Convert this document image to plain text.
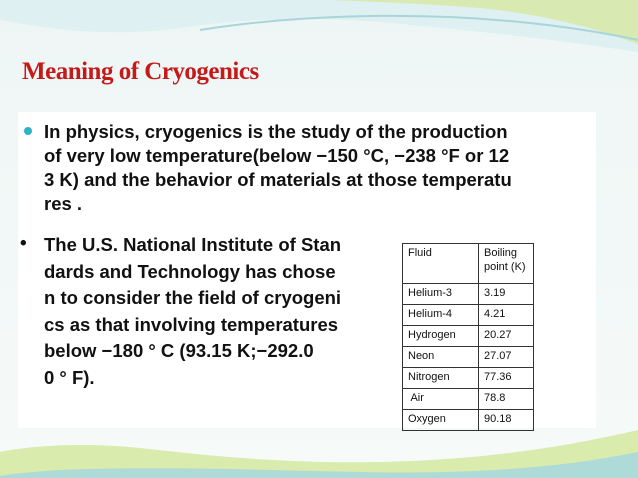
Meaning of Cryogenics
In physics, cryogenics is the study of the production
of very low temperature(below −150 °C, −238 °F or 12
3 K) and the behavior of materials at those temperatu
res .
• The U.S. National Institute of Stan
dards and Technology has chose
n to consider the field of cryogeni
cs as that involving temperatures
below −180 ° C (93.15 K;−292.0
0 ° F).
Fluid	Boiling
point (K)
Helium-3	3.19
Helium-4	4.21
Hydrogen	20.27
Neon	27.07
Nitrogen	77.36
Air	78.8
Oxygen	90.18
